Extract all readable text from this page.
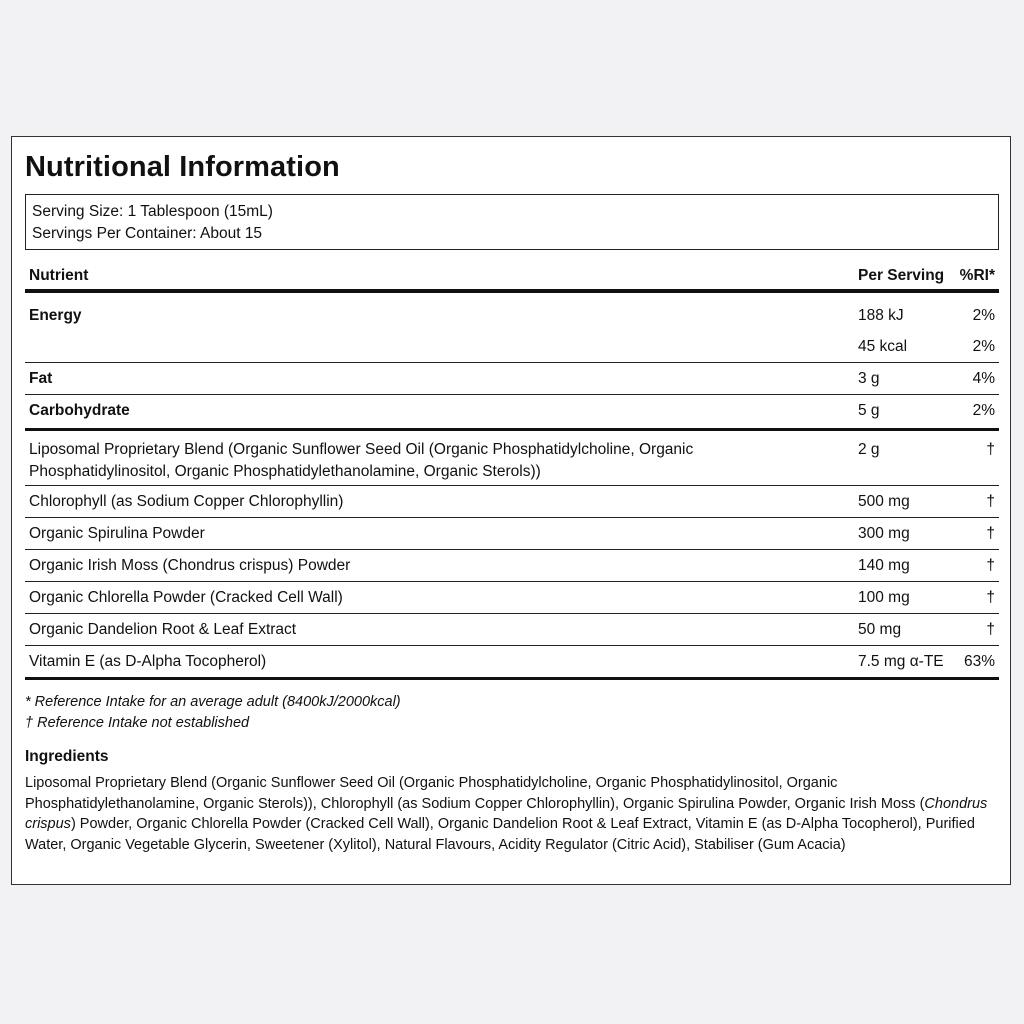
Nutritional Information
Serving Size: 1 Tablespoon (15mL)
Servings Per Container: About 15
Nutrient	Per Serving %RI*
Energy	188 kJ	2%
45 kcal	2%
Fat	3 g	4%
Carbohydrate	5 g	2%
Liposomal Proprietary Blend (Organic Sunflower Seed Oil (Organic Phosphatidylcholine, Organic
Phosphatidylinositol, Organic Phosphatidylethanolamine, Organic Sterols))
2 g	†
Chlorophyll (as Sodium Copper Chlorophyllin)	500 mg	†
Organic Spirulina Powder	300 mg	†
Organic Irish Moss (Chondrus crispus) Powder	140 mg	†
Organic Chlorella Powder (Cracked Cell Wall)	100 mg	†
Organic Dandelion Root & Leaf Extract	50 mg	†
Vitamin E (as D-Alpha Tocopherol)	7.5 mg α-TE 63%
* Reference Intake for an average adult (8400kJ/2000kcal)
† Reference Intake not established
Ingredients
Liposomal Proprietary Blend (Organic Sunflower Seed Oil (Organic Phosphatidylcholine, Organic Phosphatidylinositol, Organic Phosphatidylethanolamine, Organic Sterols)), Chlorophyll (as Sodium Copper Chlorophyllin), Organic Spirulina Powder, Organic Irish Moss (Chondrus crispus) Powder, Organic Chlorella Powder (Cracked Cell Wall), Organic Dandelion Root & Leaf Extract, Vitamin E (as D-Alpha Tocopherol), Purified Water, Organic Vegetable Glycerin, Sweetener (Xylitol), Natural Flavours, Acidity Regulator (Citric Acid), Stabiliser (Gum Acacia)
